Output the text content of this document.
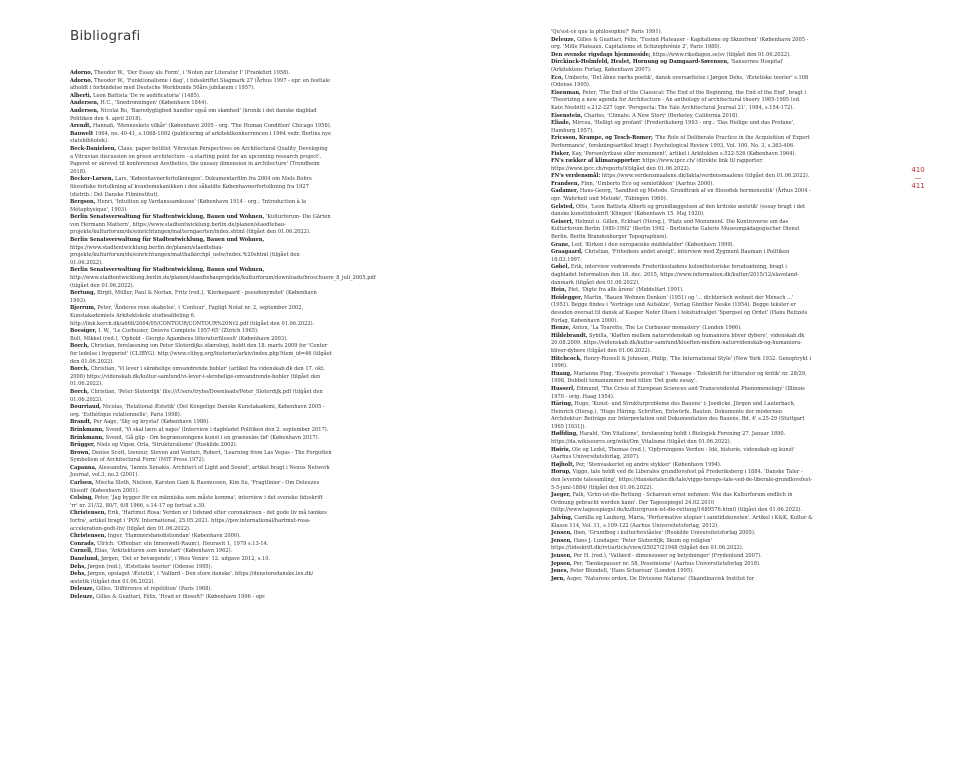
Bibliografi

Adorno, Theodor W., 'Der Essay als Form', i 'Noten zur Literatur I' (Frankfurt 1958).

Adorno, Theodor W., 'Funktionalisme i dag', i tidsskriftet Slagmark 27 (Århus 1997 - opr. en festtale afholdt i forbindelse med Deutsche Werkbunds 50års jubilæum i 1957).

Alberti, Leon Battista 'De re aedificatoria' (1485).

Andersen, H.C., 'Snedronningen' (København 1844).

Andersen, Nicolai Bo, 'Bæredygtighed handler også om skønhed' (kronik i det danske dagblad Politiken den 4. april 2018).

Arendt, Hannah, 'Menneskets vilkår' (København 2005 - org. 'The Human Condition' Chicago 1958).

Bauwelt 1964, no. 40-41, s.1068-1092 (publicering af arkitektkonkurrencen i 1964 vedr. Berlins nye statsbibliotek).

Beck-Danielsen, Claus, paper betitlet 'Vitruvian Perspectives on Architectural Quality_Developing a Vitruvian discussion on green architecture - a starting point for an upcoming research project'. Paperet er skrevet til konferencen Aesthetics, the uneasy dimension in architecture' (Trondheim 2018).

Becker-Larsen, Lars, 'Københavnerfortolkningen'. Dokumentarfilm fra 2004 om Niels Bohrs filosofiske fortolkning af kvantemekanikken i den såkaldte Københavnerfortolkning fra 1927 (distrib.: Det Danske Filminstitut).

Bergson, Henri, 'Intuition og Vardanssamkusse' (København 1914 - org.: 'Introduction à la Métaphysique', 1903).

Berlin Senatsverwaltung für Stadtentwicklung, Bauen und Wohnen, 'Kulturforum- Die Gärten von Hermann Mattern', https://www.stadtentwicklung.berlin.de/planen/staedtebau-projekte/kulturforum/de/einrichtungen/matterngaerten/index.shtml (tilgået den 01.06.2022).

Berlin Senatsverwaltung für Stadtentwicklung, Bauen und Wohnen, https://www.stadtentwicklung.berlin.de/planen/staedtebau-projekte/kulturforum/de/einrichtungen/matthaikirchpl_ustw/index.%20shtml (tilgået den 01.06.2022).

Berlin Senatsverwaltung für Stadtentwicklung, Bauen und Wohnen, http://www.stadtentwicklung.berlin.de/planen/staedtebauprojekte/kulturforum/downloads/broschuere_8_juli_2005.pdf (tilgået den 01.06.2022).

Bertung, Birgit, Müller, Paul & Norlan, Fritz (red.), 'Kierkegaard - pseudonymitet' (København 1993).

Bjerrum, Peter, 'Ånderes rene skabelse', i 'Contour', Fagligt Notat nr. 2, september 2002, Kunstakademiets Arkitektskole studieafdeling 6. http://link.kerch.dk/a668/2004/05/CONTOUR/CONTOUR%20Nr2.pdf (tilgået den 01.06.2022).

Boesiger, I. W., 'Le Corbusier, Oeuvre Complete 1957-65' (Zürich 1965).

Bolt, Mikkel (red.), 'Ophold - Giorgio Agambens litteraturfilosofi' (København 2003).

Borch, Christian, forelæsning om Peter Sloterdijks sfærologi, holdt den 18. marts 2009 for 'Center for ledelse i byggeriet' (CLIBYG). http://www.clibyg.org/historier/arkiv/index.php?item_id=46 (tilgået den 01.06.2022).

Borch, Christian, 'Vi lever i skrøbelige omvandrende bobler' (artikel fra videnskab.dk den 17. okt. 2008) https://videnskab.dk/kultur-samfund/vi-lever-i-skrobelige-omvandrende-bobler (tilgået den 01.06.2022).

Borch, Christian, 'Peter Sloterdijk' file:///Users/trybo/Downloads/Peter_Sloterdijk.pdf (tilgået den 01.06.2022).

Bourriaud, Nicolas, 'Relational Æstetik' (Det Kongelige Danske Kunstakademi, København 2005 - org. 'Esthétique relationnelle', Paris 1998).

Brandt, Per Aage, 'Sky og krystal' (København 1986).

Brinkmann, Svend, 'Vi skal lære at nøjes' (Interview i dagbladet Politiken den 2. september 2017).

Brinkmann, Svend, 'Gå glip - Om begrænsningens kunst i en grænseløs tid' (København 2017).

Brügger, Niels og Vigsø, Orla, 'Strukturalisme' (Roskilde 2002).

Brown, Denise Scott, Izenour, Steven and Venturi, Robert, 'Learning from Las Vegas - The Forgotten Symbolism of Architectural Form' (MIT Press 1972).

Capanna, Alessandra, 'Iannis Xenakis. Architect of Light and Sound', artikel bragt i Nexus Network Journal, vol.3, no.2 (2001).

Carlsen, Mischa Sloth, Nielsen, Karsten Gam & Rasmussen, Kim Su, 'Fragtlinier - Om Deleuzes filosofi' (København 2001).

Celsing, Peter, 'Jag bygger för en människa som måste komma', interview i det svenske tidsskrift 'rr' nr. 31/32, 80/7, 6/8 1966, s.14-17 og fortsat s.39.

Christensen, Erik, 'Hartmut Rosa: Verden er i tidsnød efter coronakrisen - det gode liv må tænkes forfra', artikel bragt i 'POV. International, 25.05.2021. https://pov.international/hartmut-rosa-acceleration-godt-liv/ (tilgået den 01.06.2022).

Christensen, Inger, 'Hammershøisdistiondan' (København 2000).

Conrads, Ulrich: 'Offenbar: ein Innenwelt-Raum'i, Heuravit 1, 1979 s.13-14.

Cornell, Elias, 'Arkitekturen som kunstart' (København 1962).

Danelund, Jørgen, 'Det er bevægende', i Weis Venire' 12. udgave 2012, s.10.

Dehs, Jørgen (red.), 'Æstetiske teorier' (Odense 1995).

Dehs, Jørgen, opslaget 'Æstetik', i 'Valførd - Den store danske'. https://denstoredanske.lex.dk/æstetik (tilgået den 01.06.2022).

Deleuze, Gilles, 'Différence et répétition' (Paris 1968).

Deleuze, Gilles & Guattari, Félix, 'Hvad er filosofi?' (København 1996 - opr.

'Qu'est-ce que la philosophie?' Paris 1991).

Deleuze, Gilles & Guattari, Félix, 'Tusind Plateauer - Kapitalisme og Skizofreni' (København 2005 - org. 'Mille Plateaux. Capitalisme et Schizophrénie 2', Paris 1980).

Den svenske rigsdags hjemmeside; https://www.riksdagen.se/sv (tilgået den 01.06.2022).

Dirckinck-Holmfeld, Heslet, Hornung og Damgaard-Sørensen, 'Sansernes Hospital' (Arkitektens Forlag, København 2007).

Eco, Umberto, 'Det åbne værks poetik', dansk oversættelse i Jørgen Dehs, 'Æstetiske teorier' s.108 (Odense 1995).

Eisenman, Peter, 'The End of the Classical: The End of the Beginning, the End of the End', bragt i 'Theorizing a new agenda for Architecture - An anthology of architectural theory 1965-1995 (ed. Kate Nesbitt) s.212-227 (opr. 'Perspecta: The Yale Architectural Journal 21', 1984, s.154-172).

Eisenstein, Charles, 'Climate: A New Story' (Berkeley, California 2018).

Eliade, Mircea, 'Helligt og profant' (Frederiksberg 1993 - org.: 'Das Heilige und das Profane', Hamburg 1957).

Ericsson, Krampe, og Tesch-Romer; 'The Role of Deliberate Practice in the Acquisition of Expert Performance', forskningsartikel bragt i Psychological Review 1993, Vol. 100. No. 3, s.363-406.

Fisker, Kay, 'Personlyrkuse eller monument', artikel i Arkitekten s.522-526 (København 1964).

FN's rækker af klimarapporter: https://www.ipcc.ch/ (direkte link til rapporter: https://www.ipcc.ch/reports/)(tilgået den 01.06.2022).

FN's verdensmål: https://www.verdensmaalene.dk/fakta/verdensmaalene (tilgået den 01.06.2022).

Frandsen, Finn, 'Umberto Eco og semiotikken' (Aarhus 2000).

Gadamer, Hans-Georg, 'Sandhed og Metode. Grundtræk af en filosofisk hermeneutik' (Århus 2004 - opr. 'Wahrheit und Metode', Tübingen 1960).

Gelsted, Otto, 'Leon Battista Alberti og grundlæggelsen af den kritiske æstetik' (essay bragt i det danske kunsttidsskrift 'Klingen' (København 15. Maj 1920).

Geisert, Helmut u. Gillen, Eckhart (Hersg.), 'Platz und Monument. Die Kontroverse um das Kulturforum Berlin 1980-1992' (Berlin 1992 - Berlinische Galerie Museumpädagogischer Dienst Berlin. Berlin Brandenburger Topographien).

Grane, Leif, 'Kirken i den europæiske middelalder' (København 1999).

Graagaard, Christian, 'Frihedens andet ansigt', interview med Zygmunt Bauman i Politiken 16.03.1997.

Gøbel, Erik, interview vedrørende Frederiksstadens kolonihistoriske forudsætning, bragt i dagbladet Information den 18. dec. 2015, https://www.information.dk/kultur/2015/12/slaveland-danmark (tilgået den 01.06.2022).

Hein, Piet, 'Digte fra alle årene' (Middelfart 1991).

Heidegger, Martin, 'Bauen Wohnen Denken' (1951) og '... dichterisch wohnet der Mensch ...' (1951). Begge findes i 'Vorträge und Aufsätze', Verlag Günther Neske (1954). Begge tekster er desuden oversat til dansk af Kasper Nefer Olsen i tekstudvalget 'Spørgsel og Ordet' (Hans Reitzels Forlag, København 2000).

Henze, Anton, 'La Tourette, The Le Corbusier monastery' (London 1966).

Hildebrandt, Sybilla, 'Kløften mellem naturvidenskab og humaniora bliver dybere', videnskab.dk 20.08.2009. https://videnskab.dk/kultur-samfund/kloeften-mellem-naturvidenskab-og-humaniora-bliver-dybere (tilgået den 01.06.2022).

Hitchcock, Henry-Russell & Johnson, Philip, 'The International Style' (New York 1932. Genoptrykt i 1996).

Huang, Marianne Ping, 'Essayets provokat' i 'Passage - Tidsskrift for litteratur og kritik' nr. 28/29, 1998. Dobbelt temanummer med titlen 'Det gode essay'.

Husserl, Edmund, 'The Crisis of European Sciences and Transcendental Phenomenology' (Illinois 1970 - orig. Haag 1954).

Häring, Hugo, 'Kunst- und Strukturprobleme des Bauens' i; Joedicke, Jürgen und Lauterbach, Heinrich (Hersg.), 'Hugo Häring. Schriften, Entwürfe, Bauten. Dokumente der modernen Architektur: Beiträge zur Interpretation und Dokumentation des Bauens, Bd. 4' s.25-29 (Stuttgart 1965 [1931]).

Høffding, Harald, 'Om Vitalisme', forelæsning holdt i Biologisk Forening 27. Januar 1890. https://da.wikisource.org/wiki/Om_Vitalisme (tilgået den 01.06.2022).

Høiris, Ole og Ledet, Thomas (red.), 'Opfyrningens Verden - Idé, historie, videnskab og kunst' (Aarhus Universitetsforlag, 2007).

Højholt, Per, 'Stenvaskeriet og andre stykker' (København 1994).

Horup, Viggo, tale holdt ved de Liberales grundlovsfest på Frederiksberg i 1884. 'Danske Taler - den levende talesamling', https://dansketaler.dk/tale/viggo-horups-tale-ved-de-liberale-grundlovsfest-5-5-juni-1884/ (tilgået den 01.06.2022).

Jaeger, Falk, 'Grün-ist-die-Rettung - Scharoun ernst nehmen: Wie das Kulturforum endlich in Ordnung gebracht werden kann'. Der Tagesspiegel 24.02.2010 (http://www.tagesspiegel.de/kultur/gruen-ist-die-rettung/1689576.html) (tilgået den 01.06.2022).

Jalving, Camilla og Lauberg, Maria, 'Performative utopier i samtidskunsten'. Artikel i K&K, Kultur & Klasse 114, Vol. 11, s.109-122 (Aarhus Universitetsforlag, 2012).

Jensen, Iben, 'Grundbog i kulturforståelse' (Roskilde Universitetsforlag 2005).

Jensen, Hans J. Lundager, 'Peter Sloterdijk; Skum og religion' https://tidsskrift.dk/rvt/article/view/25027/21948 (tilgået den 01.06.2022).

Jensen, Per H. (red.), 'Valfærd - dimensioner og betydninger' (Frydenlund 2007).

Jepsen, Per, 'Tænkepauser nr. 58, Pessimisme' (Aarhus Universitetsforlag 2018).

Jones, Peter Blundell, 'Hans Scharoun' (London 1995).

Jørn, Asger, 'Naturens orden, De Divisione Naturae' (Skandinavisk Institut for

410
—
411
